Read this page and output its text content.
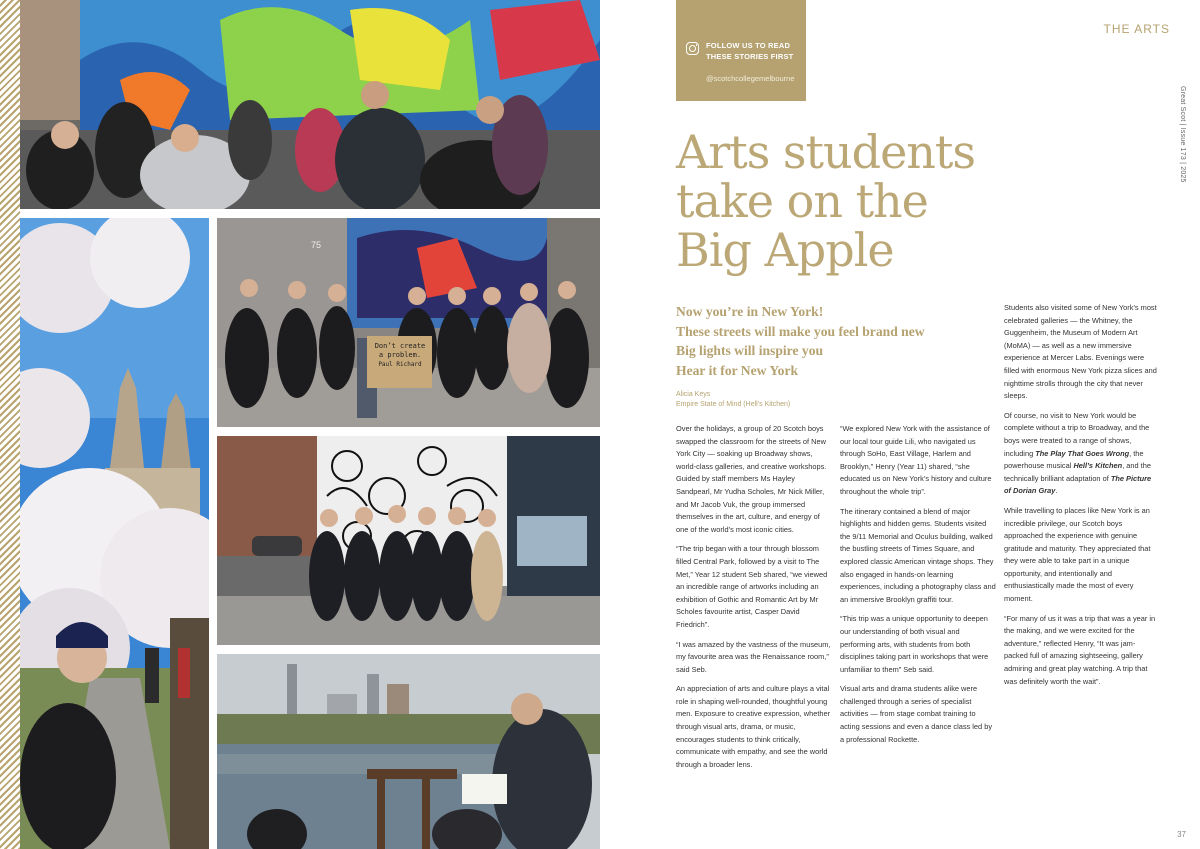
75
Don’t create
a problem.
Paul Richard
FOLLOW US TO READ
THESE STORIES FIRST
@scotchcollegemelbourne
THE ARTS
Great Scot | Issue 173 | 2025
Arts students
take on the
Big Apple
Now you’re in New York!
These streets will make you feel brand new
Big lights will inspire you
Hear it for New York
Alicia Keys
Empire State of Mind (Hell’s Kitchen)

Over the holidays, a group of 20 Scotch boys swapped the classroom for the streets of New York City — soaking up Broadway shows, world-class galleries, and creative workshops. Guided by staff members Ms Hayley Sandpearl, Mr Yudha Scholes, Mr Nick Miller, and Mr Jacob Vuk, the group immersed themselves in the art, culture, and energy of one of the world’s most iconic cities.

“The trip began with a tour through blossom filled Central Park, followed by a visit to The Met,” Year 12 student Seb shared, “we viewed an incredible range of artworks including an exhibition of Gothic and Romantic Art by Mr Scholes favourite artist, Casper David Friedrich”.

“I was amazed by the vastness of the museum, my favourite area was the Renaissance room,” said Seb.

An appreciation of arts and culture plays a vital role in shaping well-rounded, thoughtful young men. Exposure to creative expression, whether through visual arts, drama, or music, encourages students to think critically, communicate with empathy, and see the world through a broader lens.

“We explored New York with the assistance of our local tour guide Lili, who navigated us through SoHo, East Village, Harlem and Brooklyn,” Henry (Year 11) shared, “she educated us on New York’s history and culture throughout the whole trip”.

The itinerary contained a blend of major highlights and hidden gems. Students visited the 9/11 Memorial and Oculus building, walked the bustling streets of Times Square, and explored classic American vintage shops. They also engaged in hands-on learning experiences, including a photography class and an immersive Brooklyn graffiti tour.

“This trip was a unique opportunity to deepen our understanding of both visual and performing arts, with students from both disciplines taking part in workshops that were unfamiliar to them” Seb said.

Visual arts and drama students alike were challenged through a series of specialist activities — from stage combat training to acting sessions and even a dance class led by a professional Rockette.

Students also visited some of New York’s most celebrated galleries — the Whitney, the Guggenheim, the Museum of Modern Art (MoMA) — as well as a new immersive experience at Mercer Labs. Evenings were filled with enormous New York pizza slices and nighttime strolls through the city that never sleeps.

Of course, no visit to New York would be complete without a trip to Broadway, and the boys were treated to a range of shows, including The Play That Goes Wrong, the powerhouse musical Hell’s Kitchen, and the technically brilliant adaptation of The Picture of Dorian Gray.

While travelling to places like New York is an incredible privilege, our Scotch boys approached the experience with genuine gratitude and maturity. They appreciated that they were able to take part in a unique opportunity, and intentionally and enthusiastically made the most of every moment.

“For many of us it was a trip that was a year in the making, and we were excited for the adventure,” reflected Henry, “It was jam-packed full of amazing sightseeing, gallery admiring and great play watching. A trip that was definitely worth the wait”.

37
